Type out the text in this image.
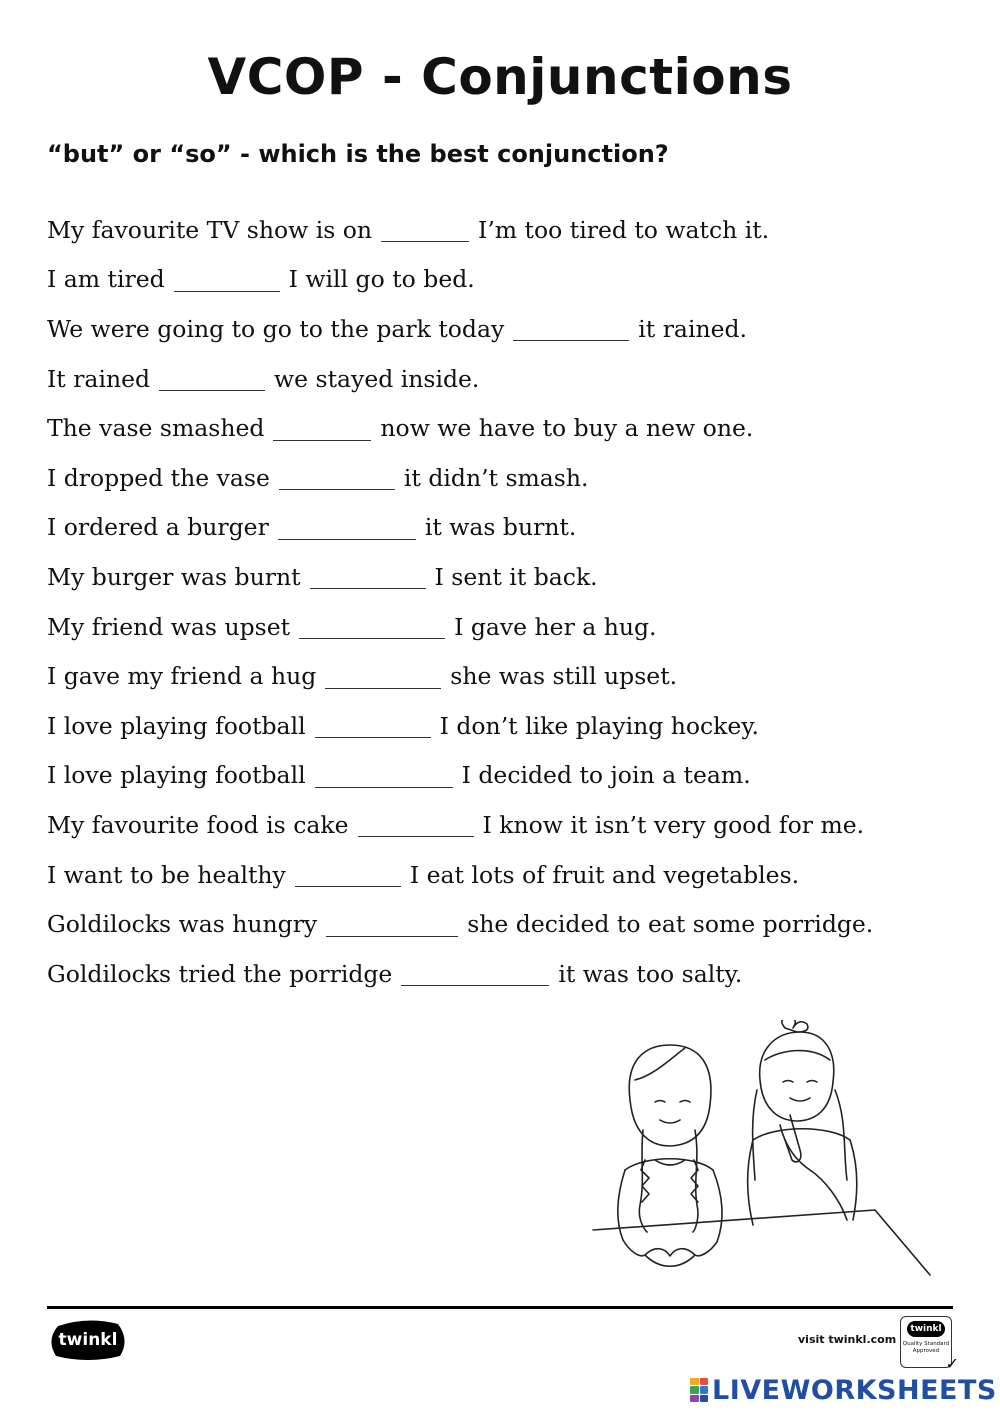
VCOP - Conjunctions
“but” or “so” - which is the best conjunction?
My favourite TV show is on	I’m too tired to watch it.
I am tired	I will go to bed.
We were going to go to the park today	it rained.
It rained	we stayed inside.
The vase smashed	now we have to buy a new one.
I dropped the vase	it didn’t smash.
I ordered a burger	it was burnt.
My burger was burnt	I sent it back.
My friend was upset	I gave her a hug.
I gave my friend a hug	she was still upset.
I love playing football	I don’t like playing hockey.
I love playing football	I decided to join a team.
My favourite food is cake	I know it isn’t very good for me.
I want to be healthy	I eat lots of fruit and vegetables.
Goldilocks was hungry	she decided to eat some porridge.
Goldilocks tried the porridge	it was too salty.
twinkl	visit twinkl.com
twinkl
Quality Standard Approved
✓
LIVEWORKSHEETS
